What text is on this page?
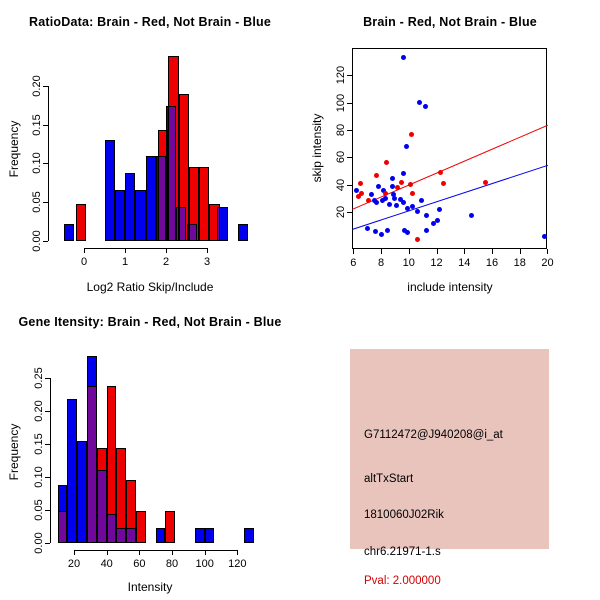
RatioData: Brain - Red, Not Brain - Blue
Frequency
Log2 Ratio Skip/Include
0	1	2	3
0.00
0.05
0.10
0.15
0.20
Brain - Red, Not Brain - Blue
skip intensity
include intensity
6	8	10	12	14	16	18	20
20
40
60
80
100
120
Gene Itensity: Brain - Red, Not Brain - Blue
Frequency
Intensity
20	40	60	80	100	120
0.00
0.05
0.10
0.15
0.20
0.25
G7112472@J940208@i_at
altTxStart
1810060J02Rik
chr6.21971-1.s
Pval: 2.000000
